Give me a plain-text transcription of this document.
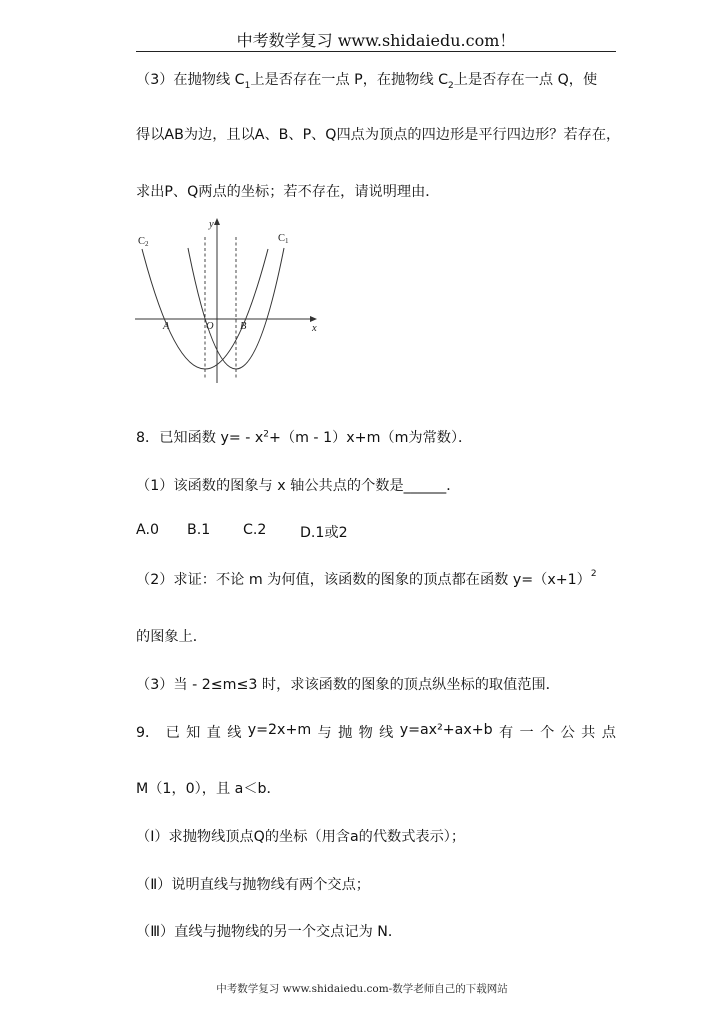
中考数学复习 www.shidaiedu.com！
（3）在抛物线 $C_1$上是否存在一点 P，在抛物线 $C_2$上是否存在一点 Q，使
得以AB为边，且以A、B、P、Q四点为顶点的四边形是平行四边形？若存在，
求出P、Q两点的坐标；若不存在，请说明理由．
C2	C1
y
x
A	O	B
8．已知函数 y= ‑ $x^2+(m$ ‑ 1）x+m（m为常数）．
（1）该函数的图象与 x 轴公共点的个数是______．
A.0 B.1 C.2 D.1或2
（2）求证：不论 m 为何值，该函数的图象的顶点都在函数 $y=(x+1)^2$
的图象上．
（3）当 ‑ 2≤m≤3 时，求该函数的图象的顶点纵坐标的取值范围．
9． 已 知 直 线 y=2x+m 与 抛 物 线 y=ax²+ax+b 有 一 个 公 共 点
M（1，0），且 a＜b．
（Ⅰ）求抛物线顶点Q的坐标（用含a的代数式表示）；
（Ⅱ）说明直线与抛物线有两个交点；
（Ⅲ）直线与抛物线的另一个交点记为 N．
中考数学复习 www.shidaiedu.com-数学老师自己的下载网站
